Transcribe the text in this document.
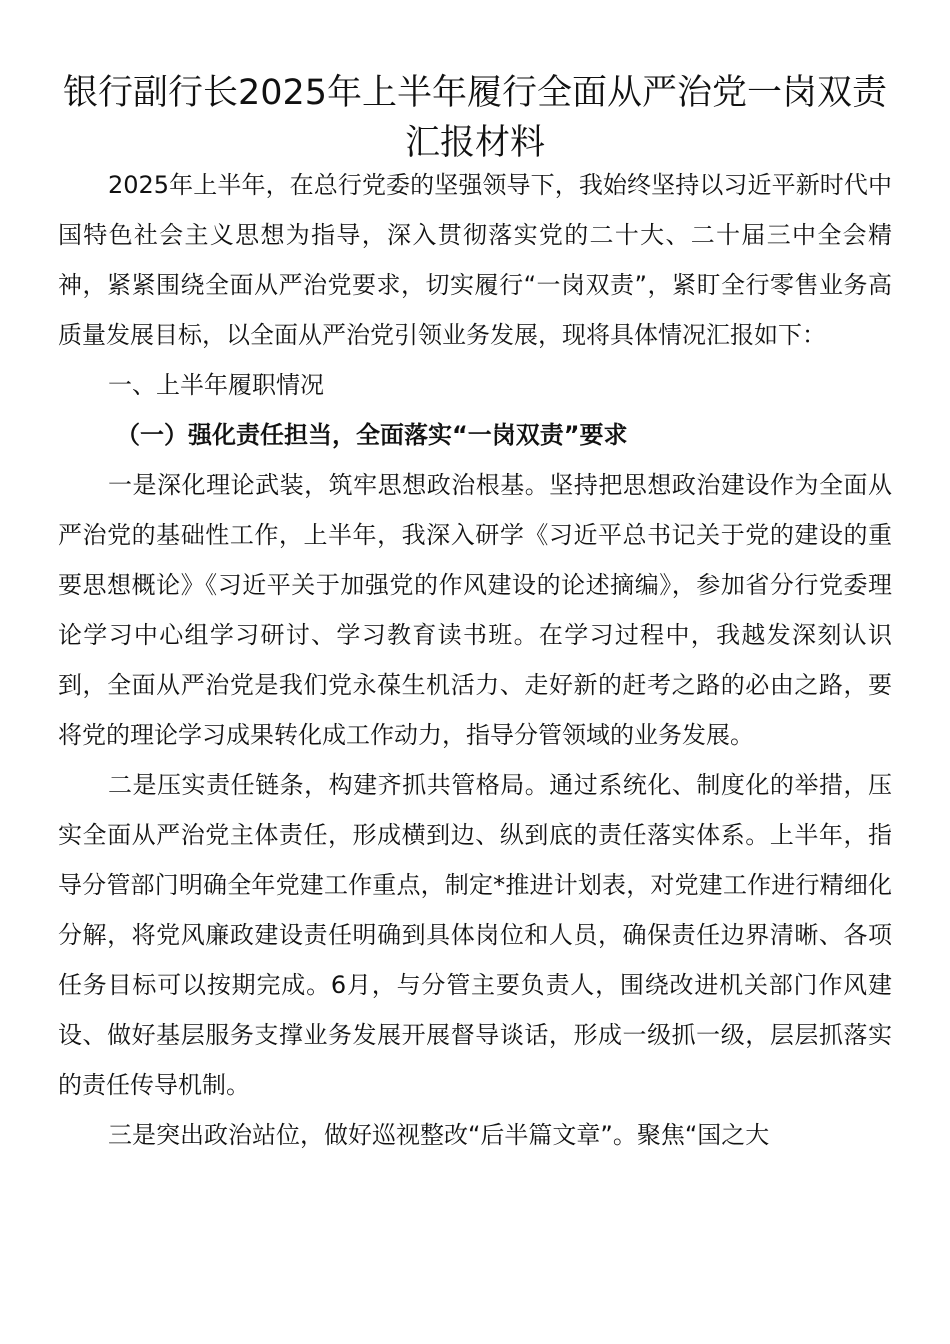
银行副行长2025年上半年履行全面从严治党一岗双责汇报材料

2025年上半年，在总行党委的坚强领导下，我始终坚持以习近平新时代中国特色社会主义思想为指导，深入贯彻落实党的二十大、二十届三中全会精神，紧紧围绕全面从严治党要求，切实履行“一岗双责”，紧盯全行零售业务高质量发展目标，以全面从严治党引领业务发展，现将具体情况汇报如下：

一、上半年履职情况

（一）强化责任担当，全面落实“一岗双责”要求

一是深化理论武装，筑牢思想政治根基。坚持把思想政治建设作为全面从严治党的基础性工作，上半年，我深入研学《习近平总书记关于党的建设的重要思想概论》《习近平关于加强党的作风建设的论述摘编》，参加省分行党委理论学习中心组学习研讨、学习教育读书班。在学习过程中，我越发深刻认识到，全面从严治党是我们党永葆生机活力、走好新的赶考之路的必由之路，要将党的理论学习成果转化成工作动力，指导分管领域的业务发展。

二是压实责任链条，构建齐抓共管格局。通过系统化、制度化的举措，压实全面从严治党主体责任，形成横到边、纵到底的责任落实体系。上半年，指导分管部门明确全年党建工作重点，制定*推进计划表，对党建工作进行精细化分解，将党风廉政建设责任明确到具体岗位和人员，确保责任边界清晰、各项任务目标可以按期完成。6月，与分管主要负责人，围绕改进机关部门作风建设、做好基层服务支撑业务发展开展督导谈话，形成一级抓一级，层层抓落实的责任传导机制。

三是突出政治站位，做好巡视整改“后半篇文章”。聚焦“国之大
